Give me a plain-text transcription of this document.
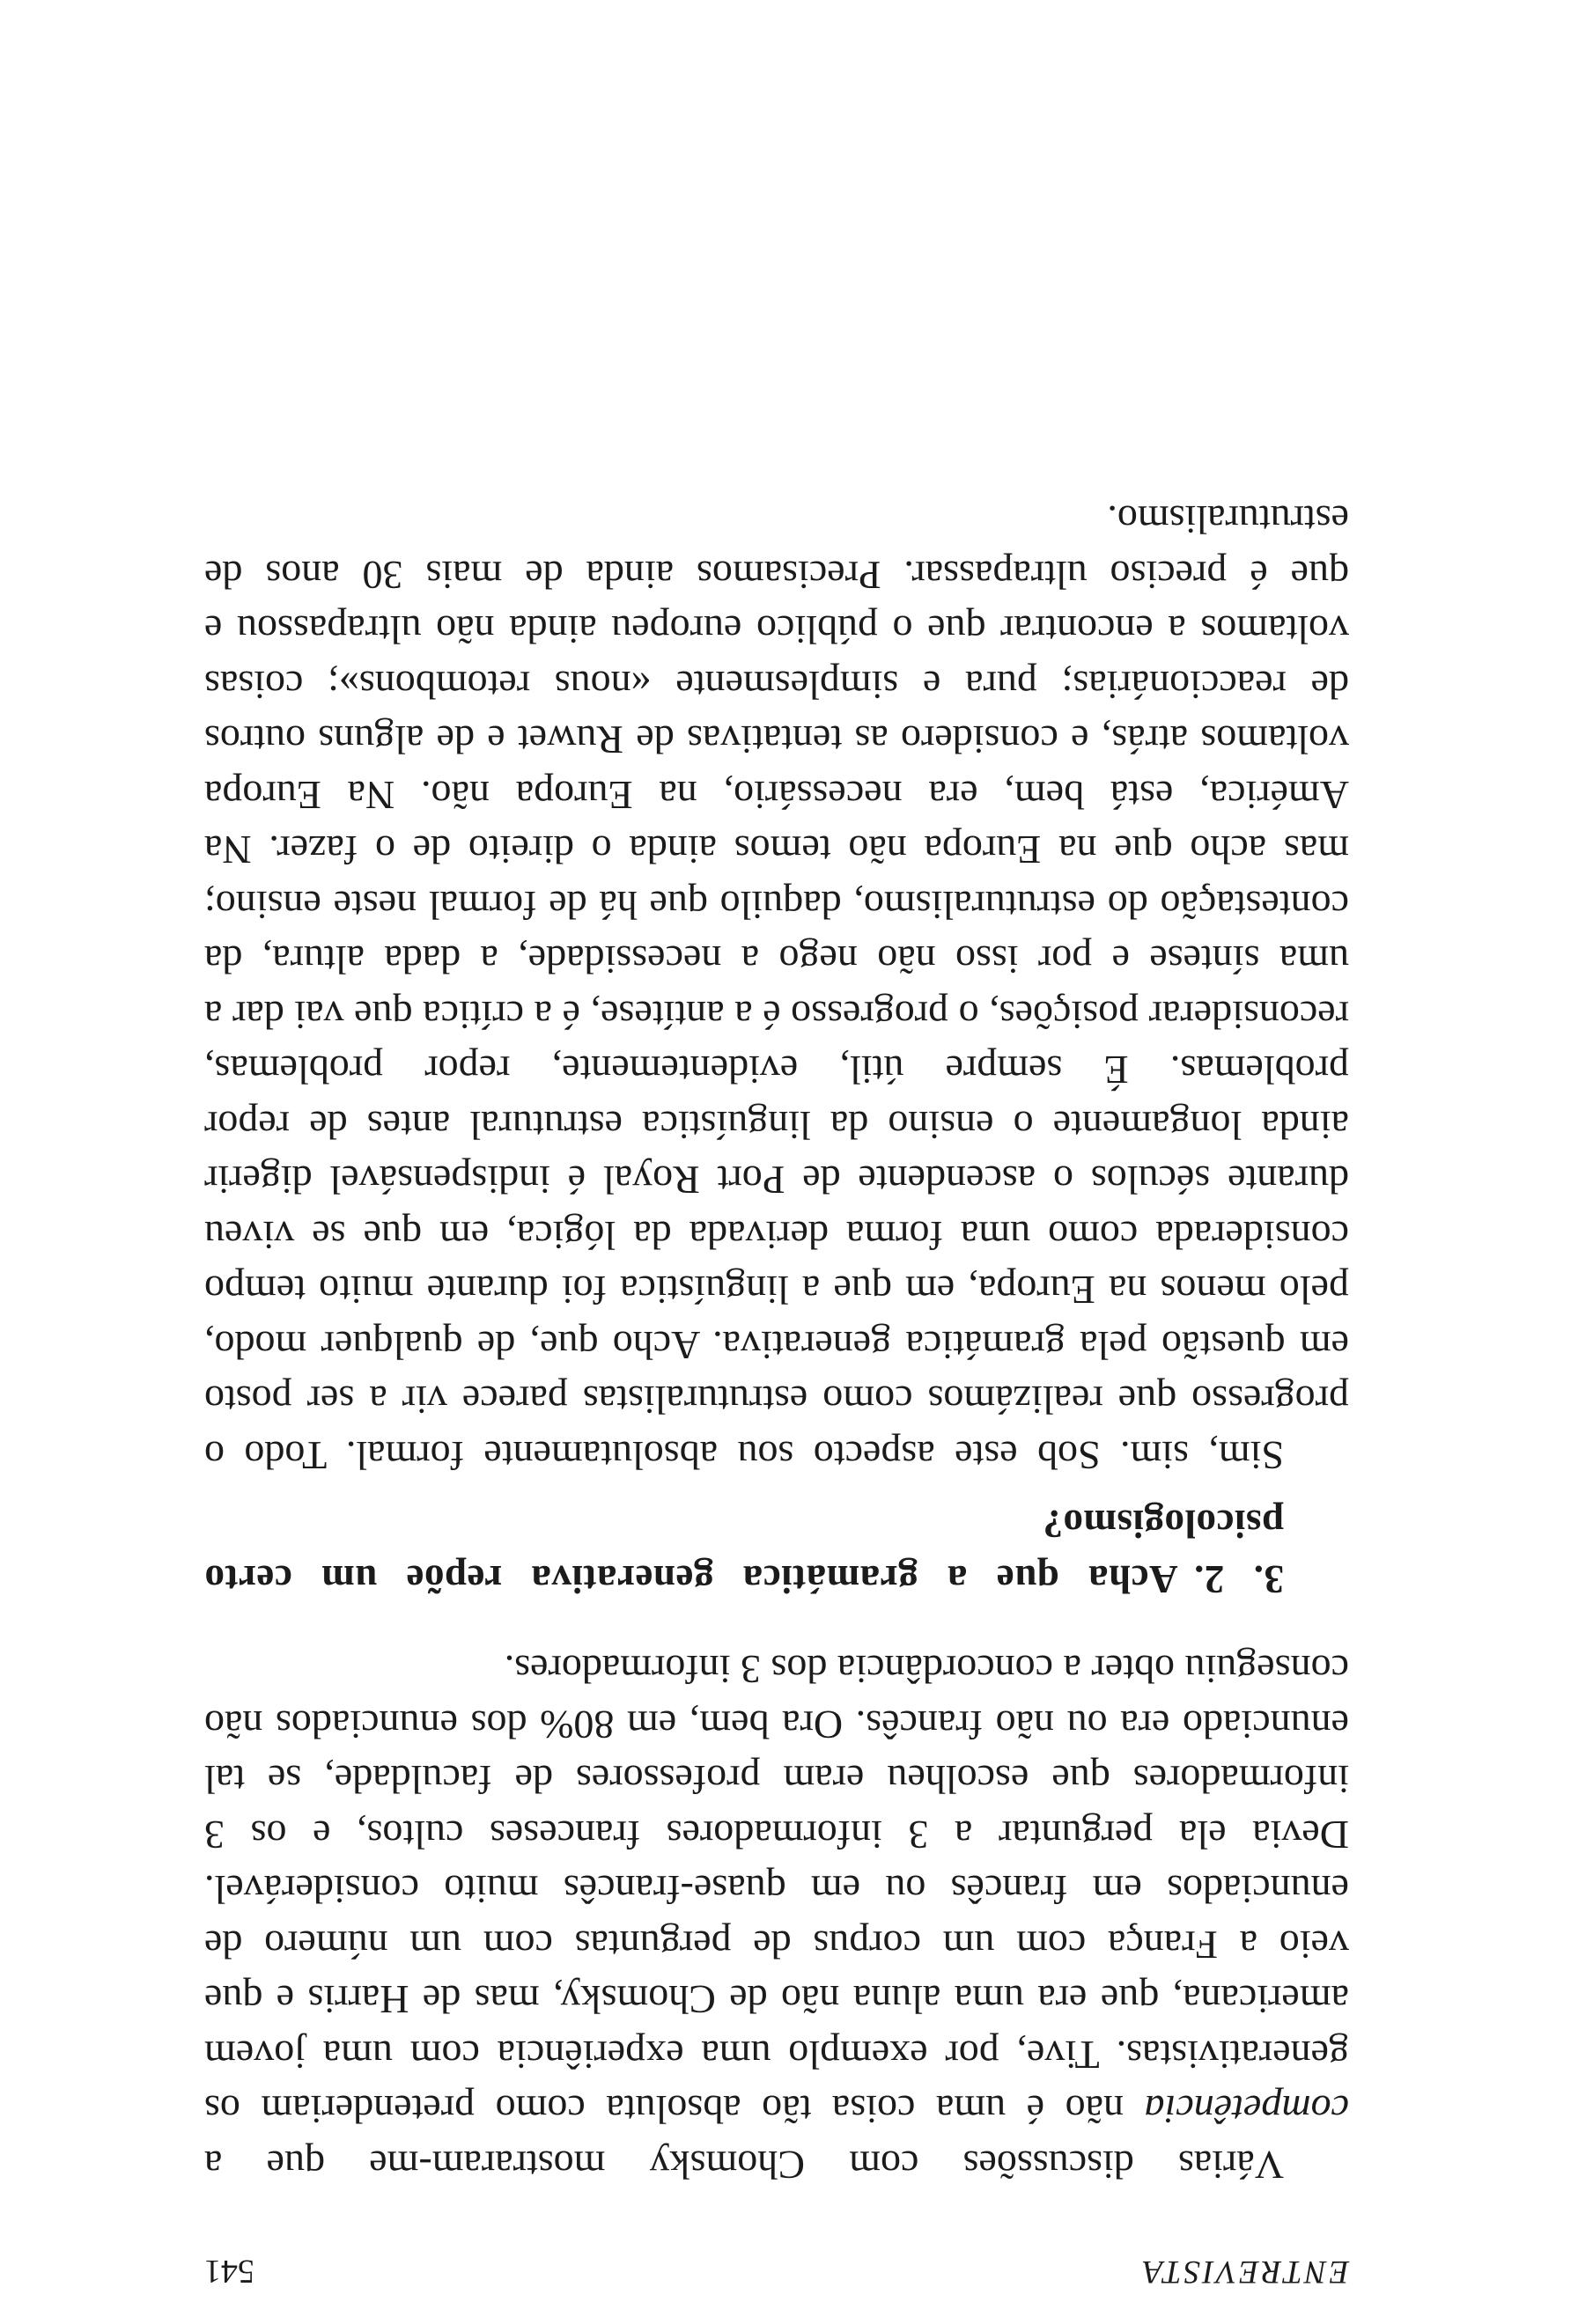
ENTREVISTA
541

Várias discussões com Chomsky mostraram-me que a competência não é uma coisa tão absoluta como pretenderiam os generativistas. Tive, por exemplo uma experiência com uma jovem americana, que era uma aluna não de Chomsky, mas de Harris e que veio a França com um corpus de perguntas com um número de enunciados em francês ou em quase-francês muito considerável. Devia ela perguntar a 3 informadores franceses cultos, e os 3 informadores que escolheu eram professores de faculdade, se tal enunciado era ou não francês. Ora bem, em 80% dos enunciados não conseguiu obter a concordância dos 3 informadores.

3. 2.Acha que a gramática generativa repõe um certo psicologismo?

Sim, sim. Sob este aspecto sou absolutamente formal. Todo o progresso que realizámos como estruturalistas parece vir a ser posto em questão pela gramática generativa. Acho que, de qualquer modo, pelo menos na Europa, em que a linguística foi durante muito tempo considerada como uma forma derivada da lógica, em que se viveu durante séculos o ascendente de Port Royal é indispensável digerir ainda longamente o ensino da linguística estrutural antes de repor problemas. É sempre útil, evidentemente, repor problemas, reconsiderar posições, o progresso é a antítese, é a crítica que vai dar a uma síntese e por isso não nego a necessidade, a dada altura, da contestação do estruturalismo, daquilo que há de formal neste ensino; mas acho que na Europa não temos ainda o direito de o fazer. Na América, está bem, era necessário, na Europa não. Na Europa voltamos atrás, e considero as tentativas de Ruwet e de alguns outros de reaccionárias; pura e simplesmente «nous retombons»; coisas voltamos a encontrar que o público europeu ainda não ultrapassou e que é preciso ultrapassar. Precisamos ainda de mais 30 anos de estruturalismo.
